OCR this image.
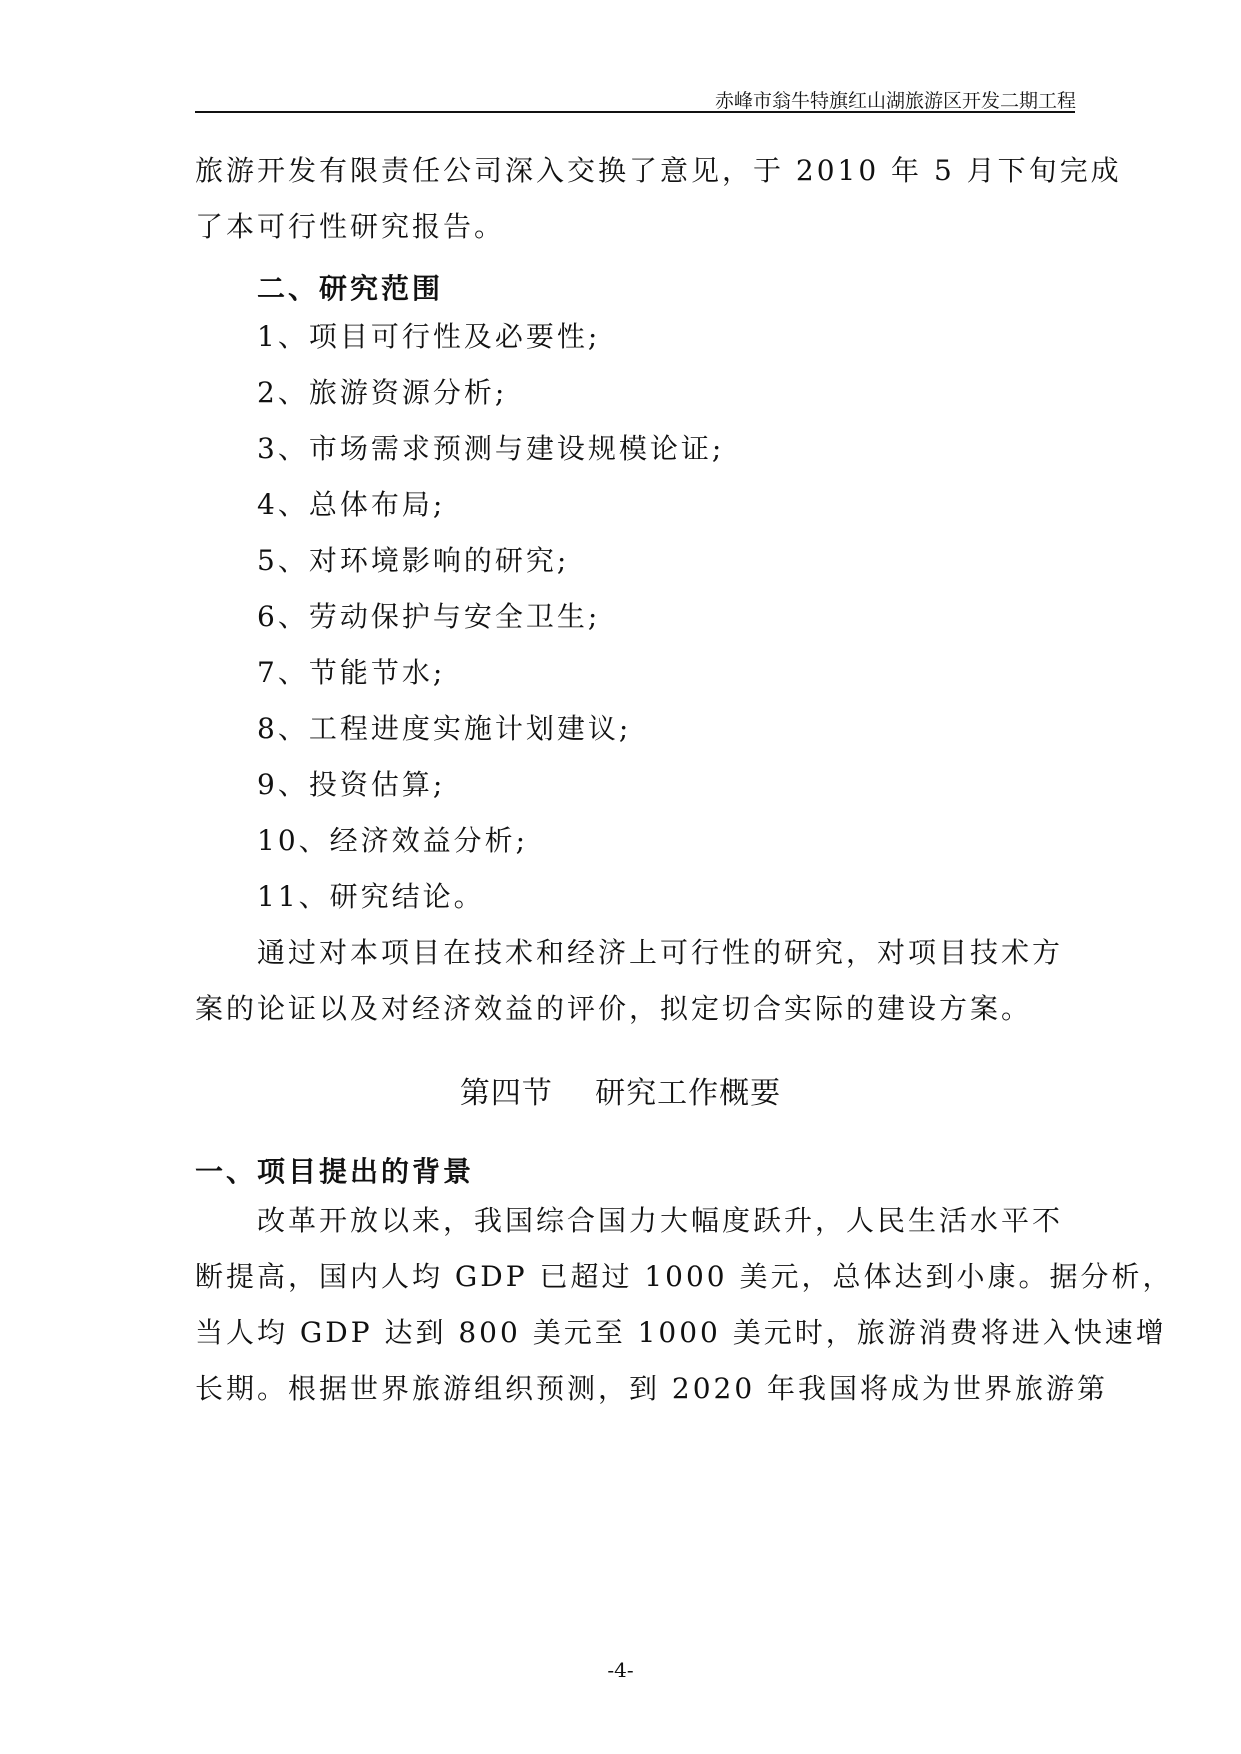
赤峰市翁牛特旗红山湖旅游区开发二期工程
旅游开发有限责任公司深入交换了意见，于 2010 年 5 月下旬完成
了本可行性研究报告。
二、研究范围
1、项目可行性及必要性;
2、旅游资源分析;
3、市场需求预测与建设规模论证;
4、总体布局;
5、对环境影响的研究;
6、劳动保护与安全卫生;
7、节能节水;
8、工程进度实施计划建议;
9、投资估算;
10、经济效益分析;
11、研究结论。
通过对本项目在技术和经济上可行性的研究，对项目技术方
案的论证以及对经济效益的评价，拟定切合实际的建设方案。
第四节    研究工作概要
一、项目提出的背景
改革开放以来，我国综合国力大幅度跃升，人民生活水平不
断提高，国内人均 GDP 已超过 1000 美元，总体达到小康。据分析，
当人均 GDP 达到 800 美元至 1000 美元时，旅游消费将进入快速增
长期。根据世界旅游组织预测，到 2020 年我国将成为世界旅游第
-4-
